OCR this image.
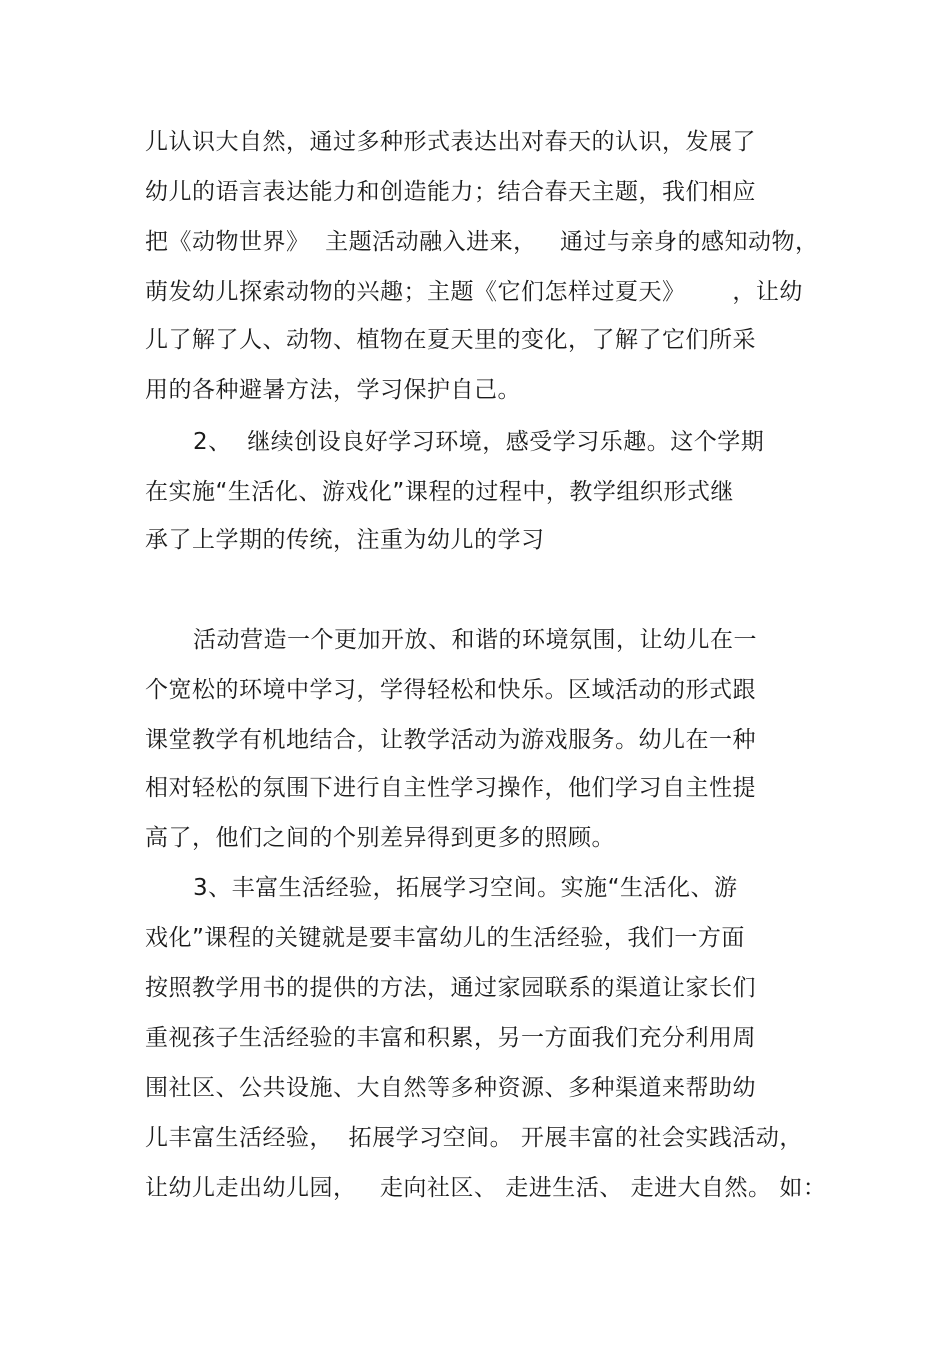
儿认识大自然，通过多种形式表达出对春天的认识，发展了
幼儿的语言表达能力和创造能力；结合春天主题，我们相应
把《动物世界》  主题活动融入进来，   通过与亲身的感知动物，
萌发幼儿探索动物的兴趣；主题《它们怎样过夏天》      ，让幼
儿了解了人、动物、植物在夏天里的变化，了解了它们所采
用的各种避暑方法，学习保护自己。
2、  继续创设良好学习环境，感受学习乐趣。这个学期
在实施“生活化、游戏化”课程的过程中，教学组织形式继
承了上学期的传统，注重为幼儿的学习
活动营造一个更加开放、和谐的环境氛围，让幼儿在一
个宽松的环境中学习，学得轻松和快乐。区域活动的形式跟
课堂教学有机地结合，让教学活动为游戏服务。幼儿在一种
相对轻松的氛围下进行自主性学习操作，他们学习自主性提
高了，他们之间的个别差异得到更多的照顾。
3、丰富生活经验，拓展学习空间。实施“生活化、游
戏化”课程的关键就是要丰富幼儿的生活经验，我们一方面
按照教学用书的提供的方法，通过家园联系的渠道让家长们
重视孩子生活经验的丰富和积累，另一方面我们充分利用周
围社区、公共设施、大自然等多种资源、多种渠道来帮助幼
儿丰富生活经验，  拓展学习空间。 开展丰富的社会实践活动，
让幼儿走出幼儿园，   走向社区、 走进生活、 走进大自然。 如：
